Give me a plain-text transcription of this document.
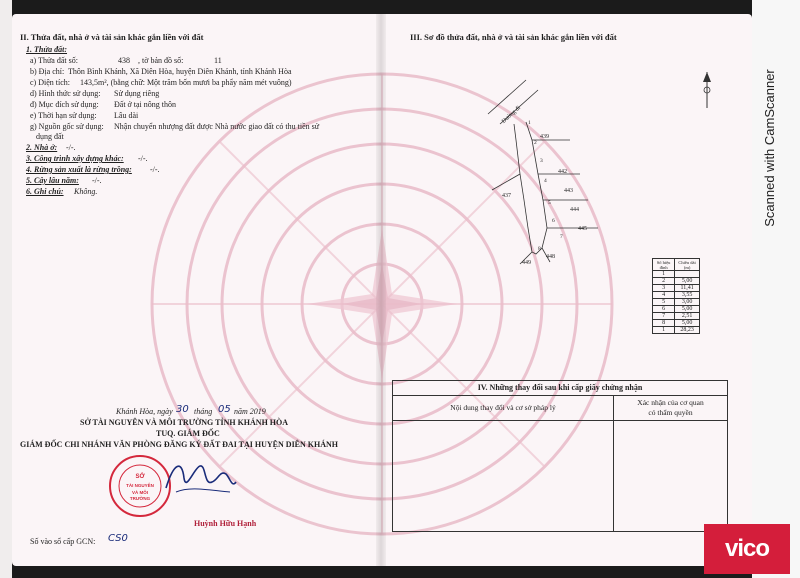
II. Thửa đất, nhà ở và tài sản khác gắn liền với đất
1. Thửa đất:
a) Thửa đất số:	438 , tờ bản đồ số:	11
b) Địa chỉ: Thôn Bình Khánh, Xã Diên Hòa, huyện Diên Khánh, tỉnh Khánh Hòa
c) Diện tích: 143,5m², (bằng chữ: Một trăm bốn mươi ba phẩy năm mét vuông)
d) Hình thức sử dụng: Sử dụng riêng
đ) Mục đích sử dụng: Đất ở tại nông thôn
e) Thời hạn sử dụng: Lâu dài
g) Nguồn gốc sử dụng: Nhận chuyển nhượng đất được Nhà nước giao đất có thu tiền sử
dụng đất
2. Nhà ở: -/-.
3. Công trình xây dựng khác: -/-.
4. Rừng sản xuất là rừng trồng: -/-.
5. Cây lâu năm: -/-.
6. Ghi chú: Không.
Khánh Hòa, ngày 30 tháng 05 năm 2019
SỞ TÀI NGUYÊN VÀ MÔI TRƯỜNG TỈNH KHÁNH HÒA
TUQ. GIÁM ĐỐC
GIÁM ĐỐC CHI NHÁNH VĂN PHÒNG ĐĂNG KÝ ĐẤT ĐAI TẠI HUYỆN DIÊN KHÁNH
SỞ
TÀI NGUYÊN
VÀ MÔI
TRƯỜNG
Huỳnh Hữu Hạnh
Số vào sổ cấp GCN: CS0
III. Sơ đồ thửa đất, nhà ở và tài sản khác gắn liền với đất
Đường đi
439
442
443
444
445
437
449
448
1
2
3
4
5
6
7
8
Số hiệu đỉnh	Chiều dài (m)
1	
2	5,00
3	11,41
4	3,55
5	3,00
6	5,00
7	2,51
8	5,00
1	28,23
IV. Những thay đổi sau khi cấp giấy chứng nhận
Nội dung thay đổi và cơ sở pháp lý
Xác nhận của cơ quan
có thẩm quyền
Scanned with CamScanner
vico
